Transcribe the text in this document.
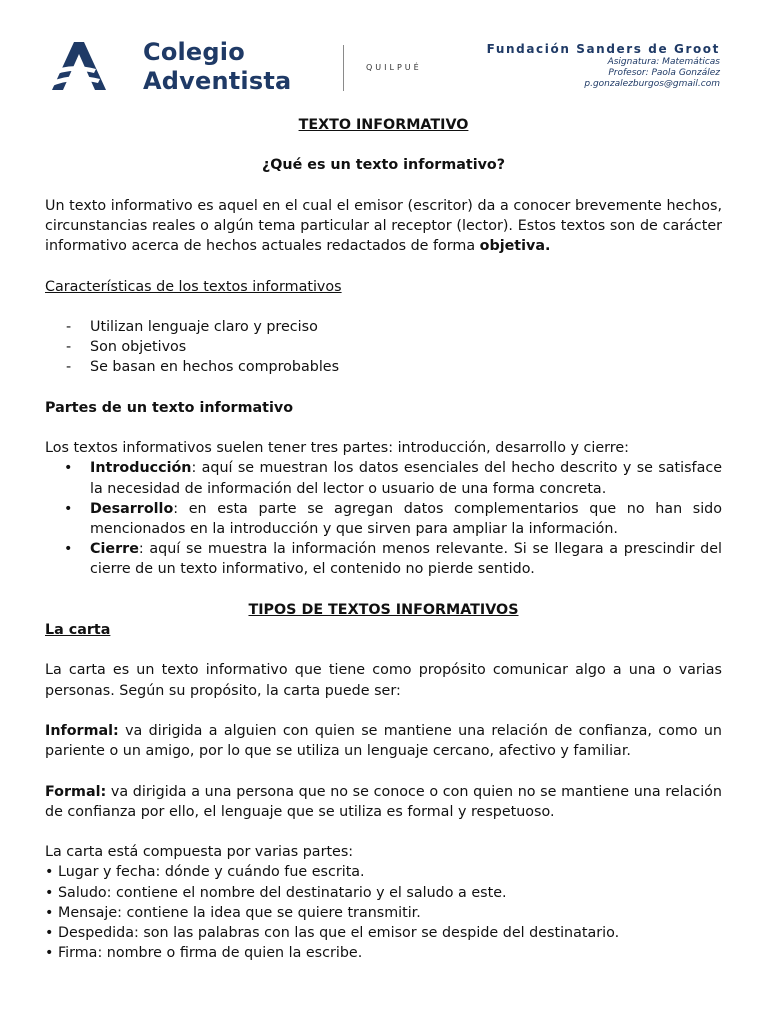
Colegio
Adventista	QUILPUÉ
Fundación Sanders de Groot
Asignatura: Matemáticas
Profesor: Paola González
p.gonzalezburgos@gmail.com

TEXTO INFORMATIVO

¿Qué es un texto informativo?

Un texto informativo es aquel en el cual el emisor (escritor) da a conocer brevemente hechos, circunstancias reales o algún tema particular al receptor (lector). Estos textos son de carácter informativo acerca de hechos actuales redactados de forma objetiva.

Características de los textos informativos

- Utilizan lenguaje claro y preciso
- Son objetivos
- Se basan en hechos comprobables

Partes de un texto informativo

Los textos informativos suelen tener tres partes: introducción, desarrollo y cierre:

• Introducción: aquí se muestran los datos esenciales del hecho descrito y se satisface la necesidad de información del lector o usuario de una forma concreta.
• Desarrollo: en esta parte se agregan datos complementarios que no han sido mencionados en la introducción y que sirven para ampliar la información.
• Cierre: aquí se muestra la información menos relevante. Si se llegara a prescindir del cierre de un texto informativo, el contenido no pierde sentido.

TIPOS DE TEXTOS INFORMATIVOS

La carta

La carta es un texto informativo que tiene como propósito comunicar algo a una o varias personas. Según su propósito, la carta puede ser:

Informal: va dirigida a alguien con quien se mantiene una relación de confianza, como un pariente o un amigo, por lo que se utiliza un lenguaje cercano, afectivo y familiar.

Formal: va dirigida a una persona que no se conoce o con quien no se mantiene una relación de confianza por ello, el lenguaje que se utiliza es formal y respetuoso.

La carta está compuesta por varias partes:

• Lugar y fecha: dónde y cuándo fue escrita.

• Saludo: contiene el nombre del destinatario y el saludo a este.

• Mensaje: contiene la idea que se quiere transmitir.

• Despedida: son las palabras con las que el emisor se despide del destinatario.

• Firma: nombre o firma de quien la escribe.
